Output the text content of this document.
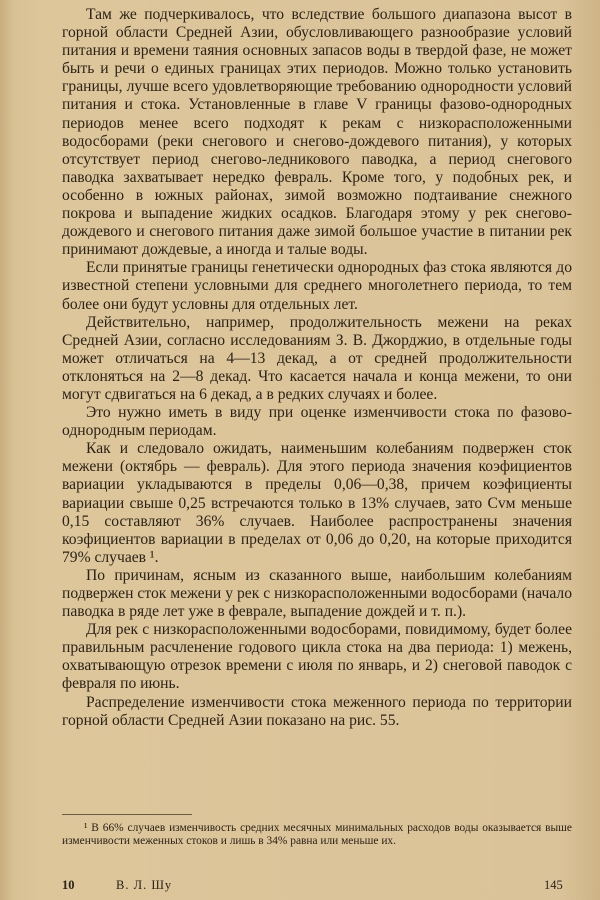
Там же подчеркивалось, что вследствие большого диапазона высот в горной области Средней Азии, обусловливающего разнообразие условий питания и времени таяния основных запасов воды в твердой фазе, не может быть и речи о единых границах этих периодов. Можно только установить границы, лучше всего удовлетворяющие требованию однородности условий питания и стока. Установленные в главе V границы фазово-однородных периодов менее всего подходят к рекам с низкорасположенными водосборами (реки снегового и снегово-дождевого питания), у которых отсутствует период снегово-ледникового паводка, а период снегового паводка захватывает нередко февраль. Кроме того, у подобных рек, и особенно в южных районах, зимой возможно подтаивание снежного покрова и выпадение жидких осадков. Благодаря этому у рек снегово-дождевого и снегового питания даже зимой большое участие в питании рек принимают дождевые, а иногда и талые воды.

Если принятые границы генетически однородных фаз стока являются до известной степени условными для среднего многолетнего периода, то тем более они будут условны для отдельных лет.

Действительно, например, продолжительность межени на реках Средней Азии, согласно исследованиям З. В. Джорджио, в отдельные годы может отличаться на 4—13 декад, а от средней продолжительности отклоняться на 2—8 декад. Что касается начала и конца межени, то они могут сдвигаться на 6 декад, а в редких случаях и более.

Это нужно иметь в виду при оценке изменчивости стока по фазово-однородным периодам.

Как и следовало ожидать, наименьшим колебаниям подвержен сток межени (октябрь — февраль). Для этого периода значения коэфициентов вариации укладываются в пределы 0,06—0,38, причем коэфициенты вариации свыше 0,25 встречаются только в 13% случаев, зато Cvм меньше 0,15 составляют 36% случаев. Наиболее распространены значения коэфициентов вариации в пределах от 0,06 до 0,20, на которые приходится 79% случаев ¹.

По причинам, ясным из сказанного выше, наибольшим колебаниям подвержен сток межени у рек с низкорасположенными водосборами (начало паводка в ряде лет уже в феврале, выпадение дождей и т. п.).

Для рек с низкорасположенными водосборами, повидимому, будет более правильным расчленение годового цикла стока на два периода: 1) межень, охватывающую отрезок времени с июля по январь, и 2) снеговой паводок с февраля по июнь.

Распределение изменчивости стока меженного периода по территории горной области Средней Азии показано на рис. 55.

¹ В 66% случаев изменчивость средних месячных минимальных расходов воды оказывается выше изменчивости меженных стоков и лишь в 34% равна или меньше их.

10	В. Л. Шу	145
